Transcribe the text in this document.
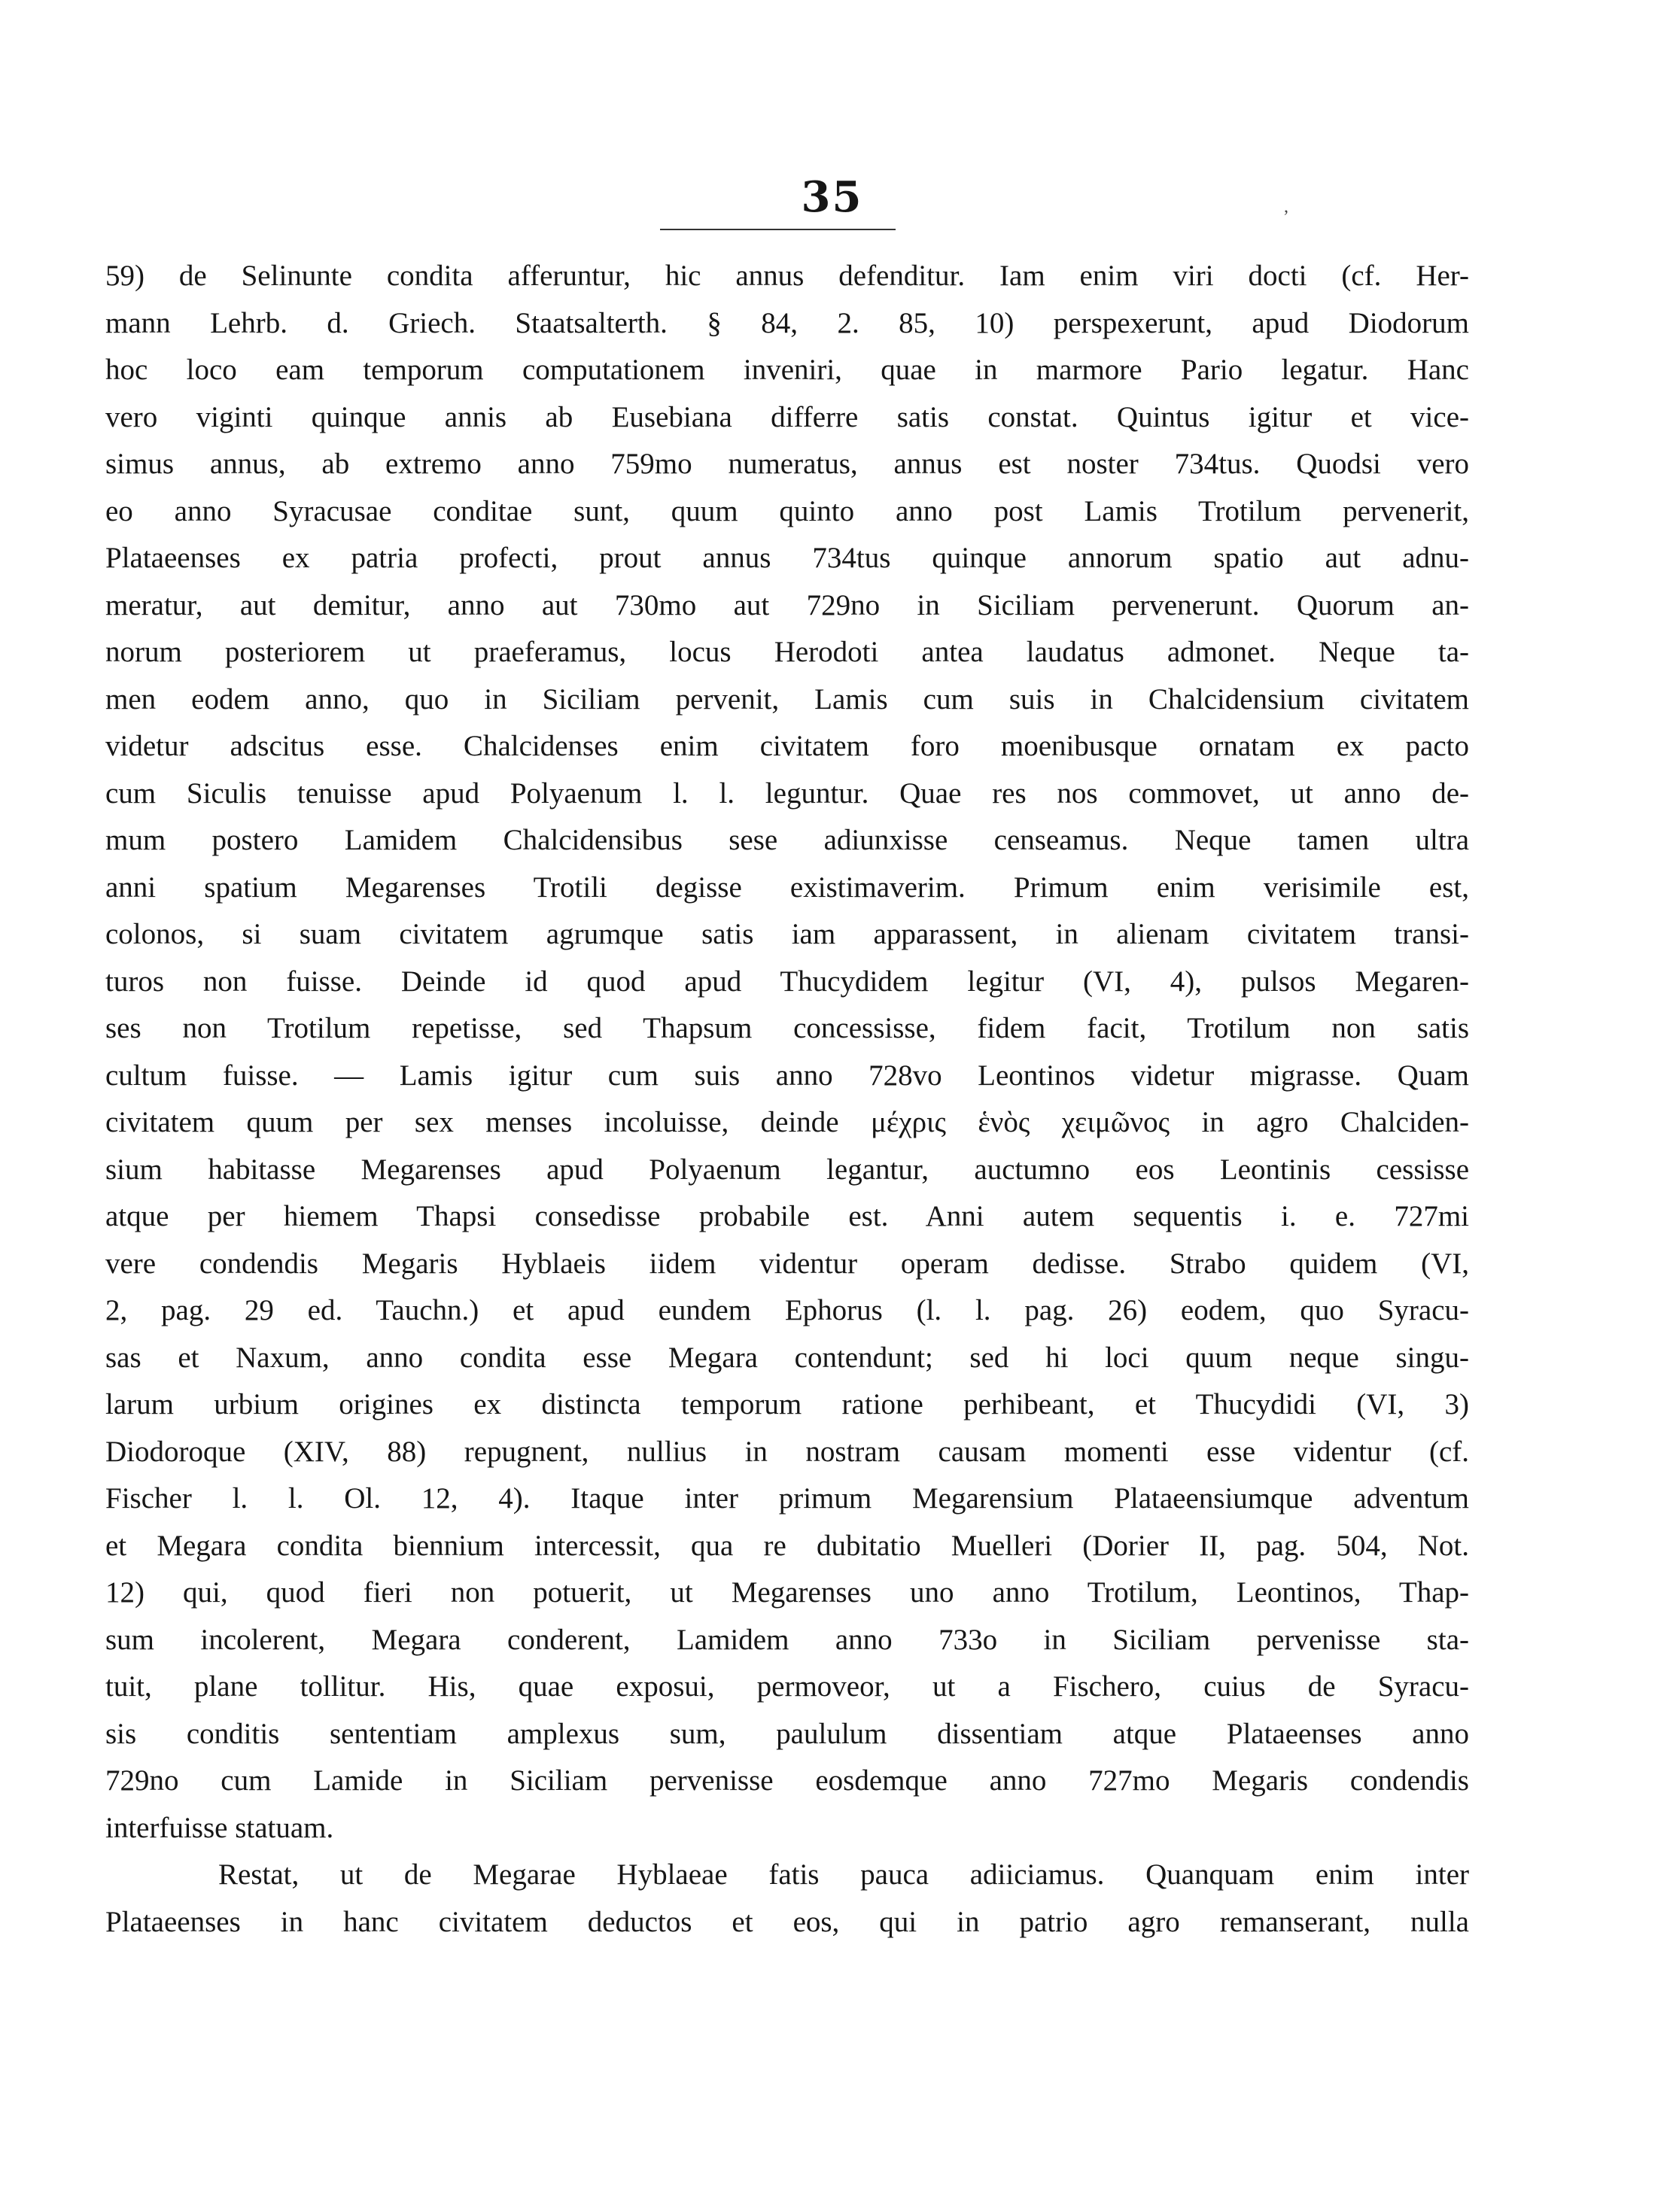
35	,
59) de Selinunte condita afferuntur, hic annus defenditur. Iam enim viri docti (cf. Her-
mann Lehrb. d. Griech. Staatsalterth. § 84, 2. 85, 10) perspexerunt, apud Diodorum
hoc loco eam temporum computationem inveniri, quae in marmore Pario legatur. Hanc
vero viginti quinque annis ab Eusebiana differre satis constat. Quintus igitur et vice-
simus annus, ab extremo anno 759mo numeratus, annus est noster 734tus. Quodsi vero
eo anno Syracusae conditae sunt, quum quinto anno post Lamis Trotilum pervenerit,
Plataeenses ex patria profecti, prout annus 734tus quinque annorum spatio aut adnu-
meratur, aut demitur, anno aut 730mo aut 729no in Siciliam pervenerunt. Quorum an-
norum posteriorem ut praeferamus, locus Herodoti antea laudatus admonet. Neque ta-
men eodem anno, quo in Siciliam pervenit, Lamis cum suis in Chalcidensium civitatem
videtur adscitus esse. Chalcidenses enim civitatem foro moenibusque ornatam ex pacto
cum Siculis tenuisse apud Polyaenum l. l. leguntur. Quae res nos commovet, ut anno de-
mum postero Lamidem Chalcidensibus sese adiunxisse censeamus. Neque tamen ultra
anni spatium Megarenses Trotili degisse existimaverim. Primum enim verisimile est,
colonos, si suam civitatem agrumque satis iam apparassent, in alienam civitatem transi-
turos non fuisse. Deinde id quod apud Thucydidem legitur (VI, 4), pulsos Megaren-
ses non Trotilum repetisse, sed Thapsum concessisse, fidem facit, Trotilum non satis
cultum fuisse. — Lamis igitur cum suis anno 728vo Leontinos videtur migrasse. Quam
civitatem quum per sex menses incoluisse, deinde μέχρις ἑνὸς χειμῶνος in agro Chalciden-
sium habitasse Megarenses apud Polyaenum legantur, auctumno eos Leontinis cessisse
atque per hiemem Thapsi consedisse probabile est. Anni autem sequentis i. e. 727mi
vere condendis Megaris Hyblaeis iidem videntur operam dedisse. Strabo quidem (VI,
2, pag. 29 ed. Tauchn.) et apud eundem Ephorus (l. l. pag. 26) eodem, quo Syracu-
sas et Naxum, anno condita esse Megara contendunt; sed hi loci quum neque singu-
larum urbium origines ex distincta temporum ratione perhibeant, et Thucydidi (VI, 3)
Diodoroque (XIV, 88) repugnent, nullius in nostram causam momenti esse videntur (cf.
Fischer l. l. Ol. 12, 4). Itaque inter primum Megarensium Plataeensiumque adventum
et Megara condita biennium intercessit, qua re dubitatio Muelleri (Dorier II, pag. 504, Not.
12) qui, quod fieri non potuerit, ut Megarenses uno anno Trotilum, Leontinos, Thap-
sum incolerent, Megara conderent, Lamidem anno 733o in Siciliam pervenisse sta-
tuit, plane tollitur. His, quae exposui, permoveor, ut a Fischero, cuius de Syracu-
sis conditis sententiam amplexus sum, paululum dissentiam atque Plataeenses anno
729no cum Lamide in Siciliam pervenisse eosdemque anno 727mo Megaris condendis
interfuisse statuam.
Restat, ut de Megarae Hyblaeae fatis pauca adiiciamus. Quanquam enim inter
Plataeenses in hanc civitatem deductos et eos, qui in patrio agro remanserant, nulla
